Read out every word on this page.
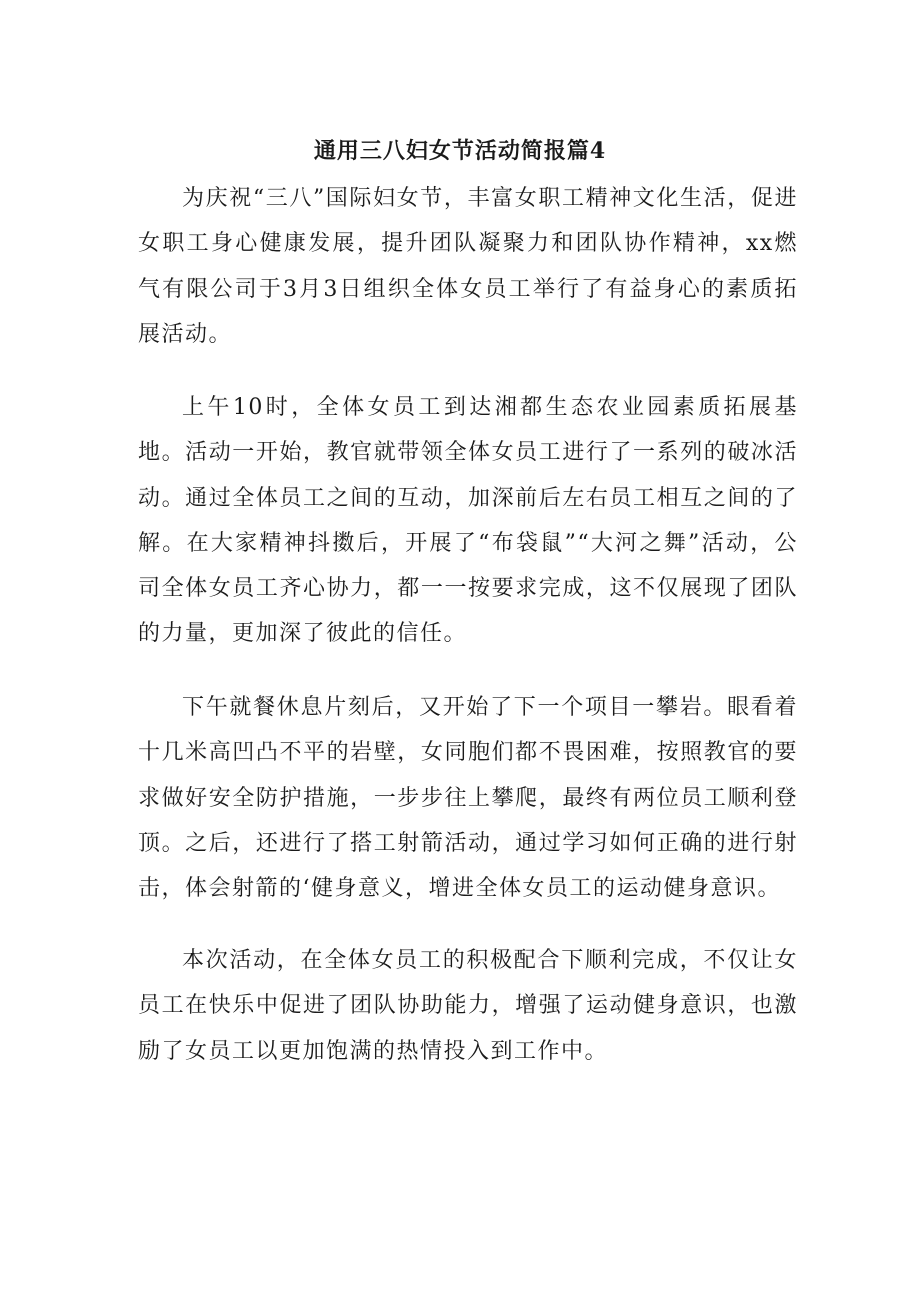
通用三八妇女节活动简报篇4

为庆祝“三八”国际妇女节，丰富女职工精神文化生活，促进女职工身心健康发展，提升团队凝聚力和团队协作精神，xx燃气有限公司于3月3日组织全体女员工举行了有益身心的素质拓展活动。

上午10时，全体女员工到达湘都生态农业园素质拓展基地。活动一开始，教官就带领全体女员工进行了一系列的破冰活动。通过全体员工之间的互动，加深前后左右员工相互之间的了解。在大家精神抖擞后，开展了“布袋鼠”“大河之舞”活动，公司全体女员工齐心协力，都一一按要求完成，这不仅展现了团队的力量，更加深了彼此的信任。

下午就餐休息片刻后，又开始了下一个项目一攀岩。眼看着十几米高凹凸不平的岩壁，女同胞们都不畏困难，按照教官的要求做好安全防护措施，一步步往上攀爬，最终有两位员工顺利登顶。之后，还进行了搭工射箭活动，通过学习如何正确的进行射击，体会射箭的‘健身意义，增进全体女员工的运动健身意识。

本次活动，在全体女员工的积极配合下顺利完成，不仅让女员工在快乐中促进了团队协助能力，增强了运动健身意识，也激励了女员工以更加饱满的热情投入到工作中。
